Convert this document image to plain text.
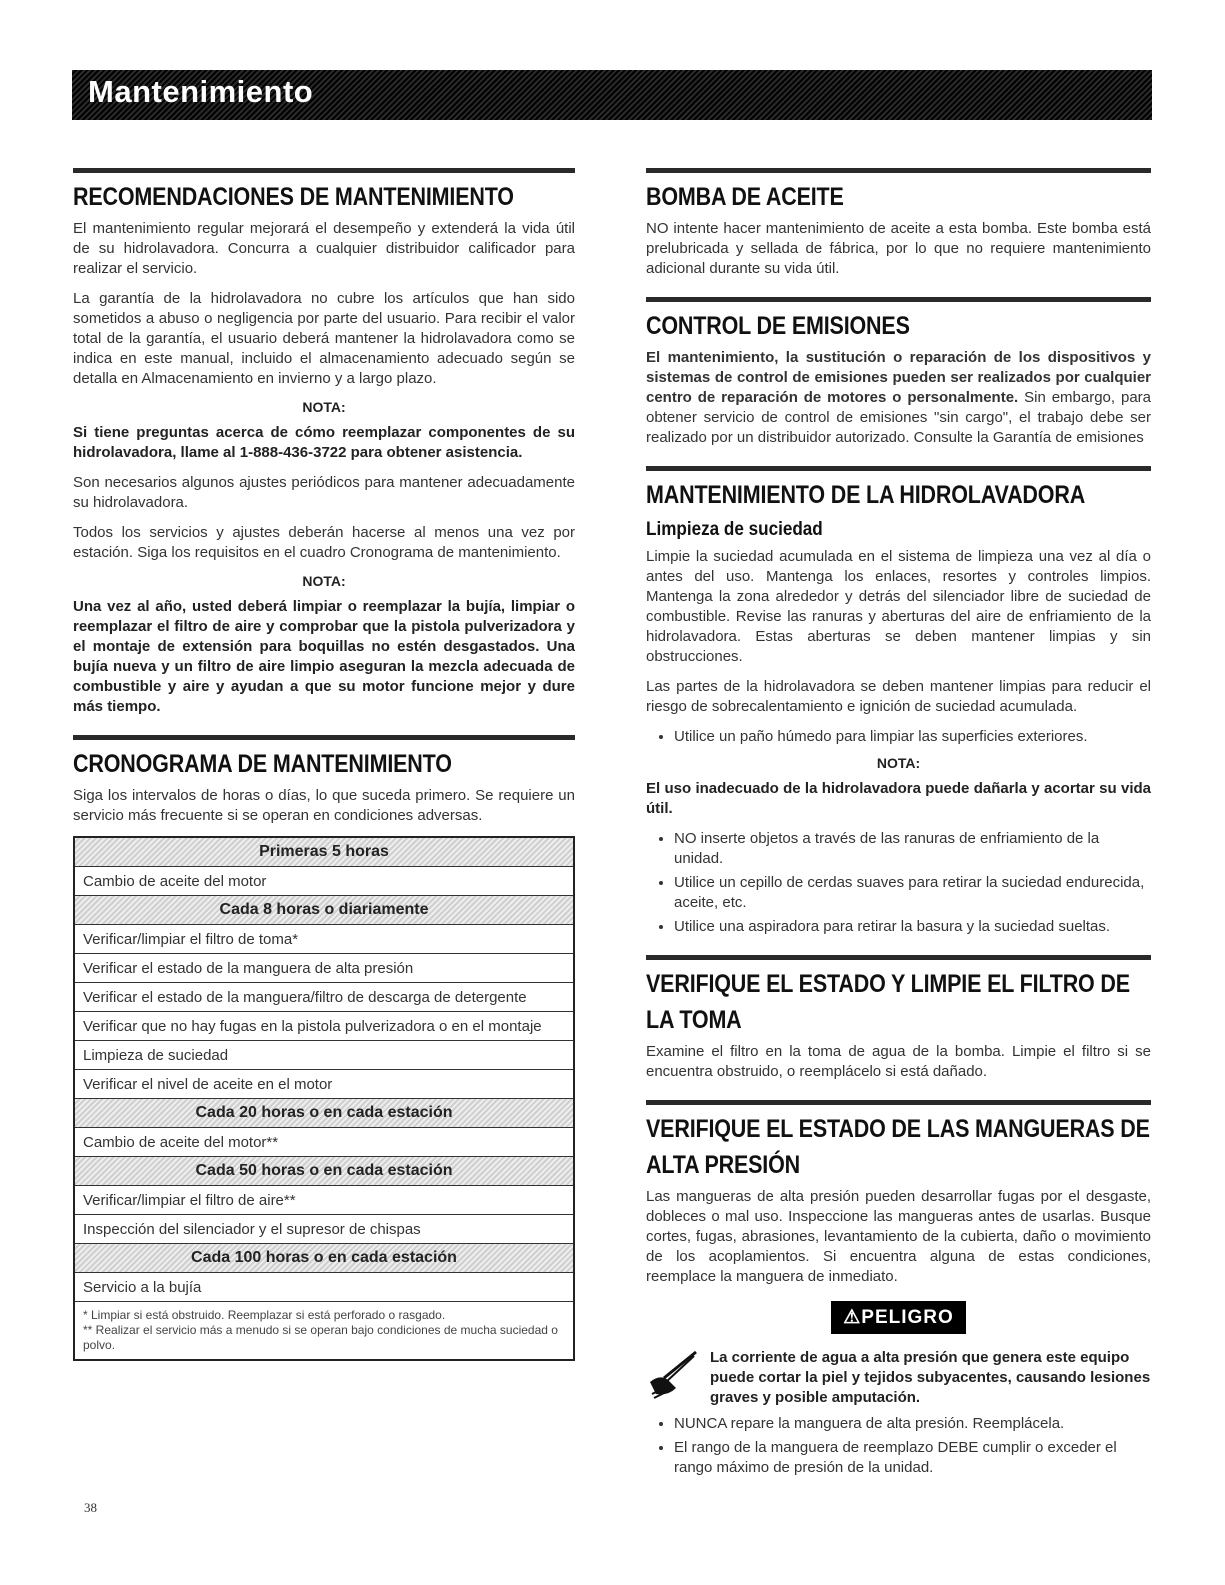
Mantenimiento
RECOMENDACIONES DE MANTENIMIENTO

El mantenimiento regular mejorará el desempeño y extenderá la vida útil de su hidrolavadora. Concurra a cualquier distribuidor calificador para realizar el servicio.

La garantía de la hidrolavadora no cubre los artículos que han sido sometidos a abuso o negligencia por parte del usuario. Para recibir el valor total de la garantía, el usuario deberá mantener la hidrolavadora como se indica en este manual, incluido el almacenamiento adecuado según se detalla en Almacenamiento en invierno y a largo plazo.

NOTA:

Si tiene preguntas acerca de cómo reemplazar componentes de su hidrolavadora, llame al 1-888-436-3722 para obtener asistencia.

Son necesarios algunos ajustes periódicos para mantener adecuadamente su hidrolavadora.

Todos los servicios y ajustes deberán hacerse al menos una vez por estación. Siga los requisitos en el cuadro Cronograma de mantenimiento.

NOTA:

Una vez al año, usted deberá limpiar o reemplazar la bujía, limpiar o reemplazar el filtro de aire y comprobar que la pistola pulverizadora y el montaje de extensión para boquillas no estén desgastados. Una bujía nueva y un filtro de aire limpio aseguran la mezcla adecuada de combustible y aire y ayudan a que su motor funcione mejor y dure más tiempo.

CRONOGRAMA DE MANTENIMIENTO

Siga los intervalos de horas o días, lo que suceda primero. Se requiere un servicio más frecuente si se operan en condiciones adversas.

Primeras 5 horas
Cambio de aceite del motor
Cada 8 horas o diariamente
Verificar/limpiar el filtro de toma*
Verificar el estado de la manguera de alta presión
Verificar el estado de la manguera/filtro de descarga de detergente
Verificar que no hay fugas en la pistola pulverizadora o en el montaje
Limpieza de suciedad
Verificar el nivel de aceite en el motor
Cada 20 horas o en cada estación
Cambio de aceite del motor**
Cada 50 horas o en cada estación
Verificar/limpiar el filtro de aire**
Inspección del silenciador y el supresor de chispas
Cada 100 horas o en cada estación
Servicio a la bujía

* Limpiar si está obstruido. Reemplazar si está perforado o rasgado.
** Realizar el servicio más a menudo si se operan bajo condiciones de mucha suciedad o polvo.
BOMBA DE ACEITE

NO intente hacer mantenimiento de aceite a esta bomba. Este bomba está prelubricada y sellada de fábrica, por lo que no requiere mantenimiento adicional durante su vida útil.

CONTROL DE EMISIONES

El mantenimiento, la sustitución o reparación de los dispositivos y sistemas de control de emisiones pueden ser realizados por cualquier centro de reparación de motores o personalmente. Sin embargo, para obtener servicio de control de emisiones "sin cargo", el trabajo debe ser realizado por un distribuidor autorizado. Consulte la Garantía de emisiones

MANTENIMIENTO DE LA HIDROLAVADORA
Limpieza de suciedad

Limpie la suciedad acumulada en el sistema de limpieza una vez al día o antes del uso. Mantenga los enlaces, resortes y controles limpios. Mantenga la zona alrededor y detrás del silenciador libre de suciedad de combustible. Revise las ranuras y aberturas del aire de enfriamiento de la hidrolavadora. Estas aberturas se deben mantener limpias y sin obstrucciones.

Las partes de la hidrolavadora se deben mantener limpias para reducir el riesgo de sobrecalentamiento e ignición de suciedad acumulada.

• Utilice un paño húmedo para limpiar las superficies exteriores.
NOTA:

El uso inadecuado de la hidrolavadora puede dañarla y acortar su vida útil.

• NO inserte objetos a través de las ranuras de enfriamiento de la unidad.
• Utilice un cepillo de cerdas suaves para retirar la suciedad endurecida, aceite, etc.
• Utilice una aspiradora para retirar la basura y la suciedad sueltas.
VERIFIQUE EL ESTADO Y LIMPIE EL FILTRO DE LA TOMA

Examine el filtro en la toma de agua de la bomba. Limpie el filtro si se encuentra obstruido, o reemplácelo si está dañado.

VERIFIQUE EL ESTADO DE LAS MANGUERAS DE ALTA PRESIÓN

Las mangueras de alta presión pueden desarrollar fugas por el desgaste, dobleces o mal uso. Inspeccione las mangueras antes de usarlas. Busque cortes, fugas, abrasiones, levantamiento de la cubierta, daño o movimiento de los acoplamientos. Si encuentra alguna de estas condiciones, reemplace la manguera de inmediato.

⚠PELIGRO
La corriente de agua a alta presión que genera este equipo puede cortar la piel y tejidos subyacentes, causando lesiones graves y posible amputación.
• NUNCA repare la manguera de alta presión. Reemplácela.
• El rango de la manguera de reemplazo DEBE cumplir o exceder el rango máximo de presión de la unidad.
38
